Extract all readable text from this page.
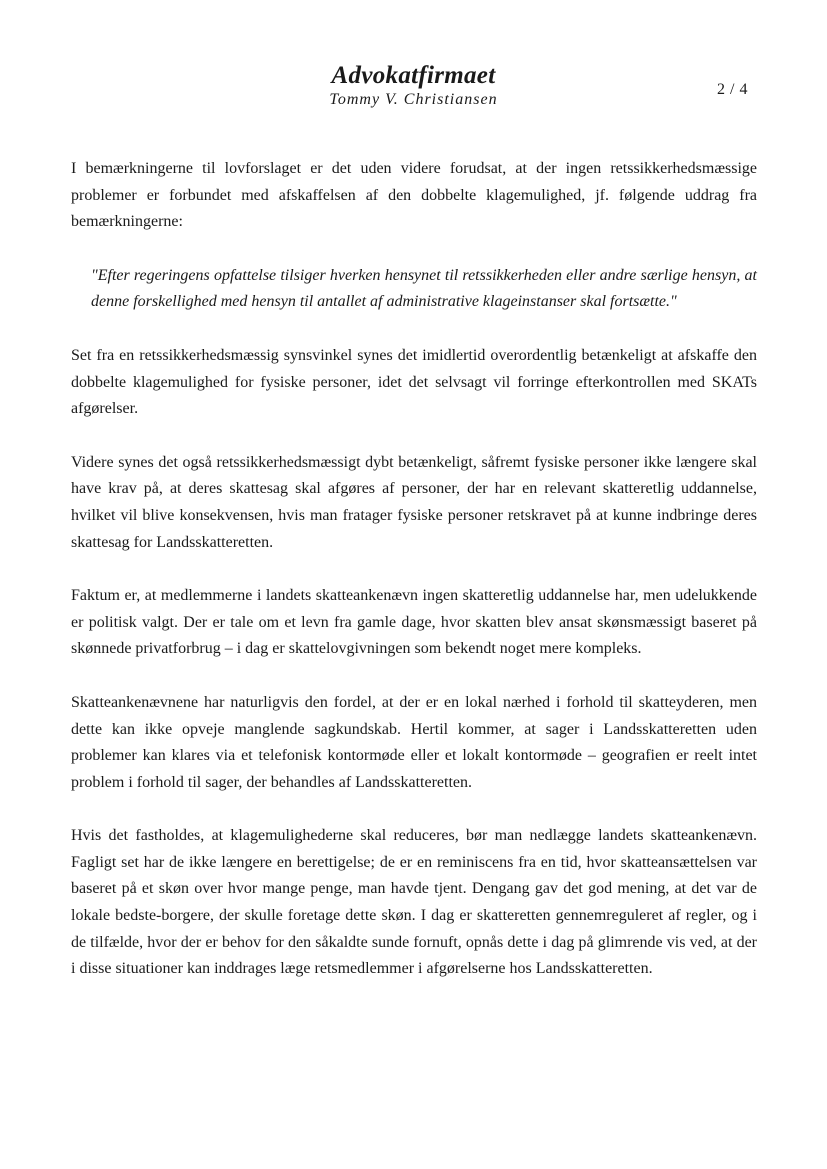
Advokatfirmaet
Tommy V. Christiansen
2 / 4

I bemærkningerne til lovforslaget er det uden videre forudsat, at der ingen retssikkerhedsmæssige problemer er forbundet med afskaffelsen af den dobbelte klagemulighed, jf. følgende uddrag fra bemærkningerne:

"Efter regeringens opfattelse tilsiger hverken hensynet til retssikkerheden eller andre særlige hensyn, at denne forskellighed med hensyn til antallet af administrative klageinstanser skal fortsætte."

Set fra en retssikkerhedsmæssig synsvinkel synes det imidlertid overordentlig betænkeligt at afskaffe den dobbelte klagemulighed for fysiske personer, idet det selvsagt vil forringe efterkontrollen med SKATs afgørelser.

Videre synes det også retssikkerhedsmæssigt dybt betænkeligt, såfremt fysiske personer ikke længere skal have krav på, at deres skattesag skal afgøres af personer, der har en relevant skatteretlig uddannelse, hvilket vil blive konsekvensen, hvis man fratager fysiske personer retskravet på at kunne indbringe deres skattesag for Landsskatteretten.

Faktum er, at medlemmerne i landets skatteankenævn ingen skatteretlig uddannelse har, men udelukkende er politisk valgt. Der er tale om et levn fra gamle dage, hvor skatten blev ansat skønsmæssigt baseret på skønnede privatforbrug – i dag er skattelovgivningen som bekendt noget mere kompleks.

Skatteankenævnene har naturligvis den fordel, at der er en lokal nærhed i forhold til skatteyderen, men dette kan ikke opveje manglende sagkundskab. Hertil kommer, at sager i Landsskatteretten uden problemer kan klares via et telefonisk kontormøde eller et lokalt kontormøde – geografien er reelt intet problem i forhold til sager, der behandles af Landsskatteretten.

Hvis det fastholdes, at klagemulighederne skal reduceres, bør man nedlægge landets skatteankenævn. Fagligt set har de ikke længere en berettigelse; de er en reminiscens fra en tid, hvor skatteansættelsen var baseret på et skøn over hvor mange penge, man havde tjent. Dengang gav det god mening, at det var de lokale bedste-borgere, der skulle foretage dette skøn. I dag er skatteretten gennemreguleret af regler, og i de tilfælde, hvor der er behov for den såkaldte sunde fornuft, opnås dette i dag på glimrende vis ved, at der i disse situationer kan inddrages læge retsmedlemmer i afgørelserne hos Landsskatteretten.
